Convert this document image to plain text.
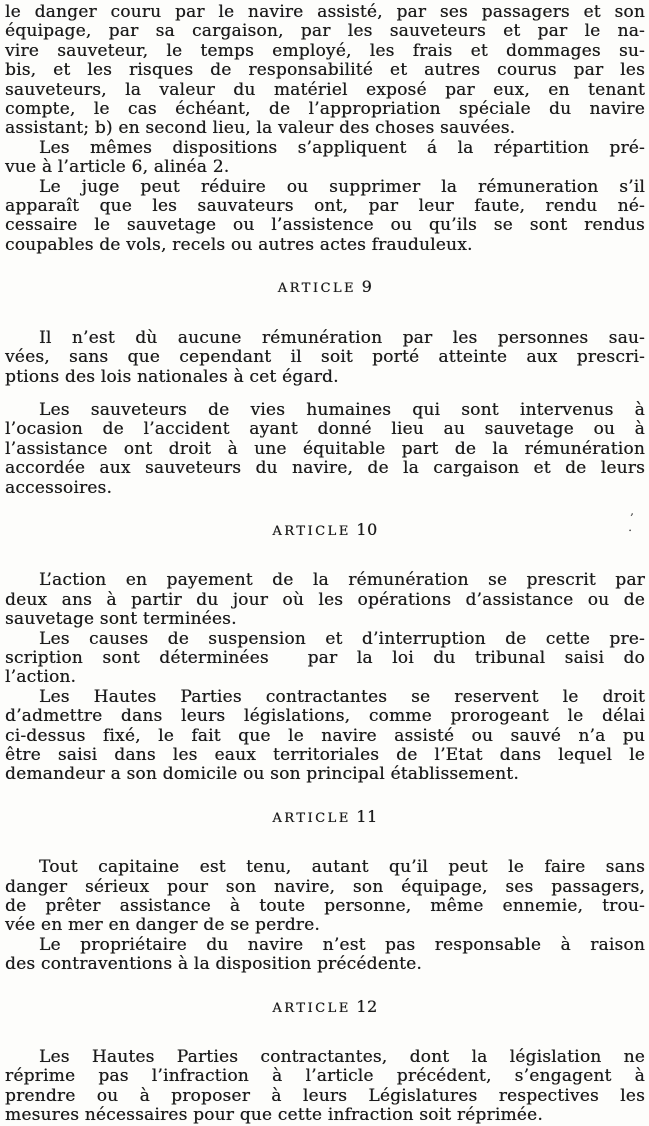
le danger couru par le navire assisté, par ses passagers et son
équipage, par sa cargaison, par les sauveteurs et par le na-
vire sauveteur, le temps employé, les frais et dommages su-
bis, et les risques de responsabilité et autres courus par les
sauveteurs, la valeur du matériel exposé par eux, en tenant
compte, le cas échéant, de l’appropriation spéciale du navire
assistant; b) en second lieu, la valeur des choses sauvées.
Les mêmes dispositions s’appliquent á la répartition pré-
vue à l’article 6, alinéa 2.
Le juge peut réduire ou supprimer la rémuneration s’il
apparaît que les sauvateurs ont, par leur faute, rendu né-
cessaire le sauvetage ou l’assistence ou qu’ils se sont rendus
coupables de vols, recels ou autres actes frauduleux.
ARTICLE 9
Il n’est dù aucune rémunération par les personnes sau-
vées, sans que cependant il soit porté atteinte aux prescri-
ptions des lois nationales à cet égard.
Les sauveteurs de vies humaines qui sont intervenus à
l’ocasion de l’accident ayant donné lieu au sauvetage ou à
l’assistance ont droit à une équitable part de la rémunération
accordée aux sauveteurs du navire, de la cargaison et de leurs
accessoires.
ARTICLE 10
’
.
L’action en payement de la rémunération se prescrit par
deux ans à partir du jour où les opérations d’assistance ou de
sauvetage sont terminées.
Les causes de suspension et d’interruption de cette pre-
scription sont déterminées  par la loi du tribunal saisi do
l’action.
Les Hautes Parties contractantes se reservent le droit
d’admettre dans leurs législations, comme prorogeant le délai
ci-dessus fixé, le fait que le navire assisté ou sauvé n’a pu
être saisi dans les eaux territoriales de l’Etat dans lequel le
demandeur a son domicile ou son principal établissement.
ARTICLE 11
Tout capitaine est tenu, autant qu’il peut le faire sans
danger sérieux pour son navire, son équipage, ses passagers,
de prêter assistance à toute personne, même ennemie, trou-
vée en mer en danger de se perdre.
Le propriétaire du navire n’est pas responsable à raison
des contraventions à la disposition précédente.
ARTICLE 12
Les Hautes Parties contractantes, dont la législation ne
réprime pas l’infraction à l’article précédent, s’engagent à
prendre ou à proposer à leurs Législatures respectives les
mesures nécessaires pour que cette infraction soit réprimée.
